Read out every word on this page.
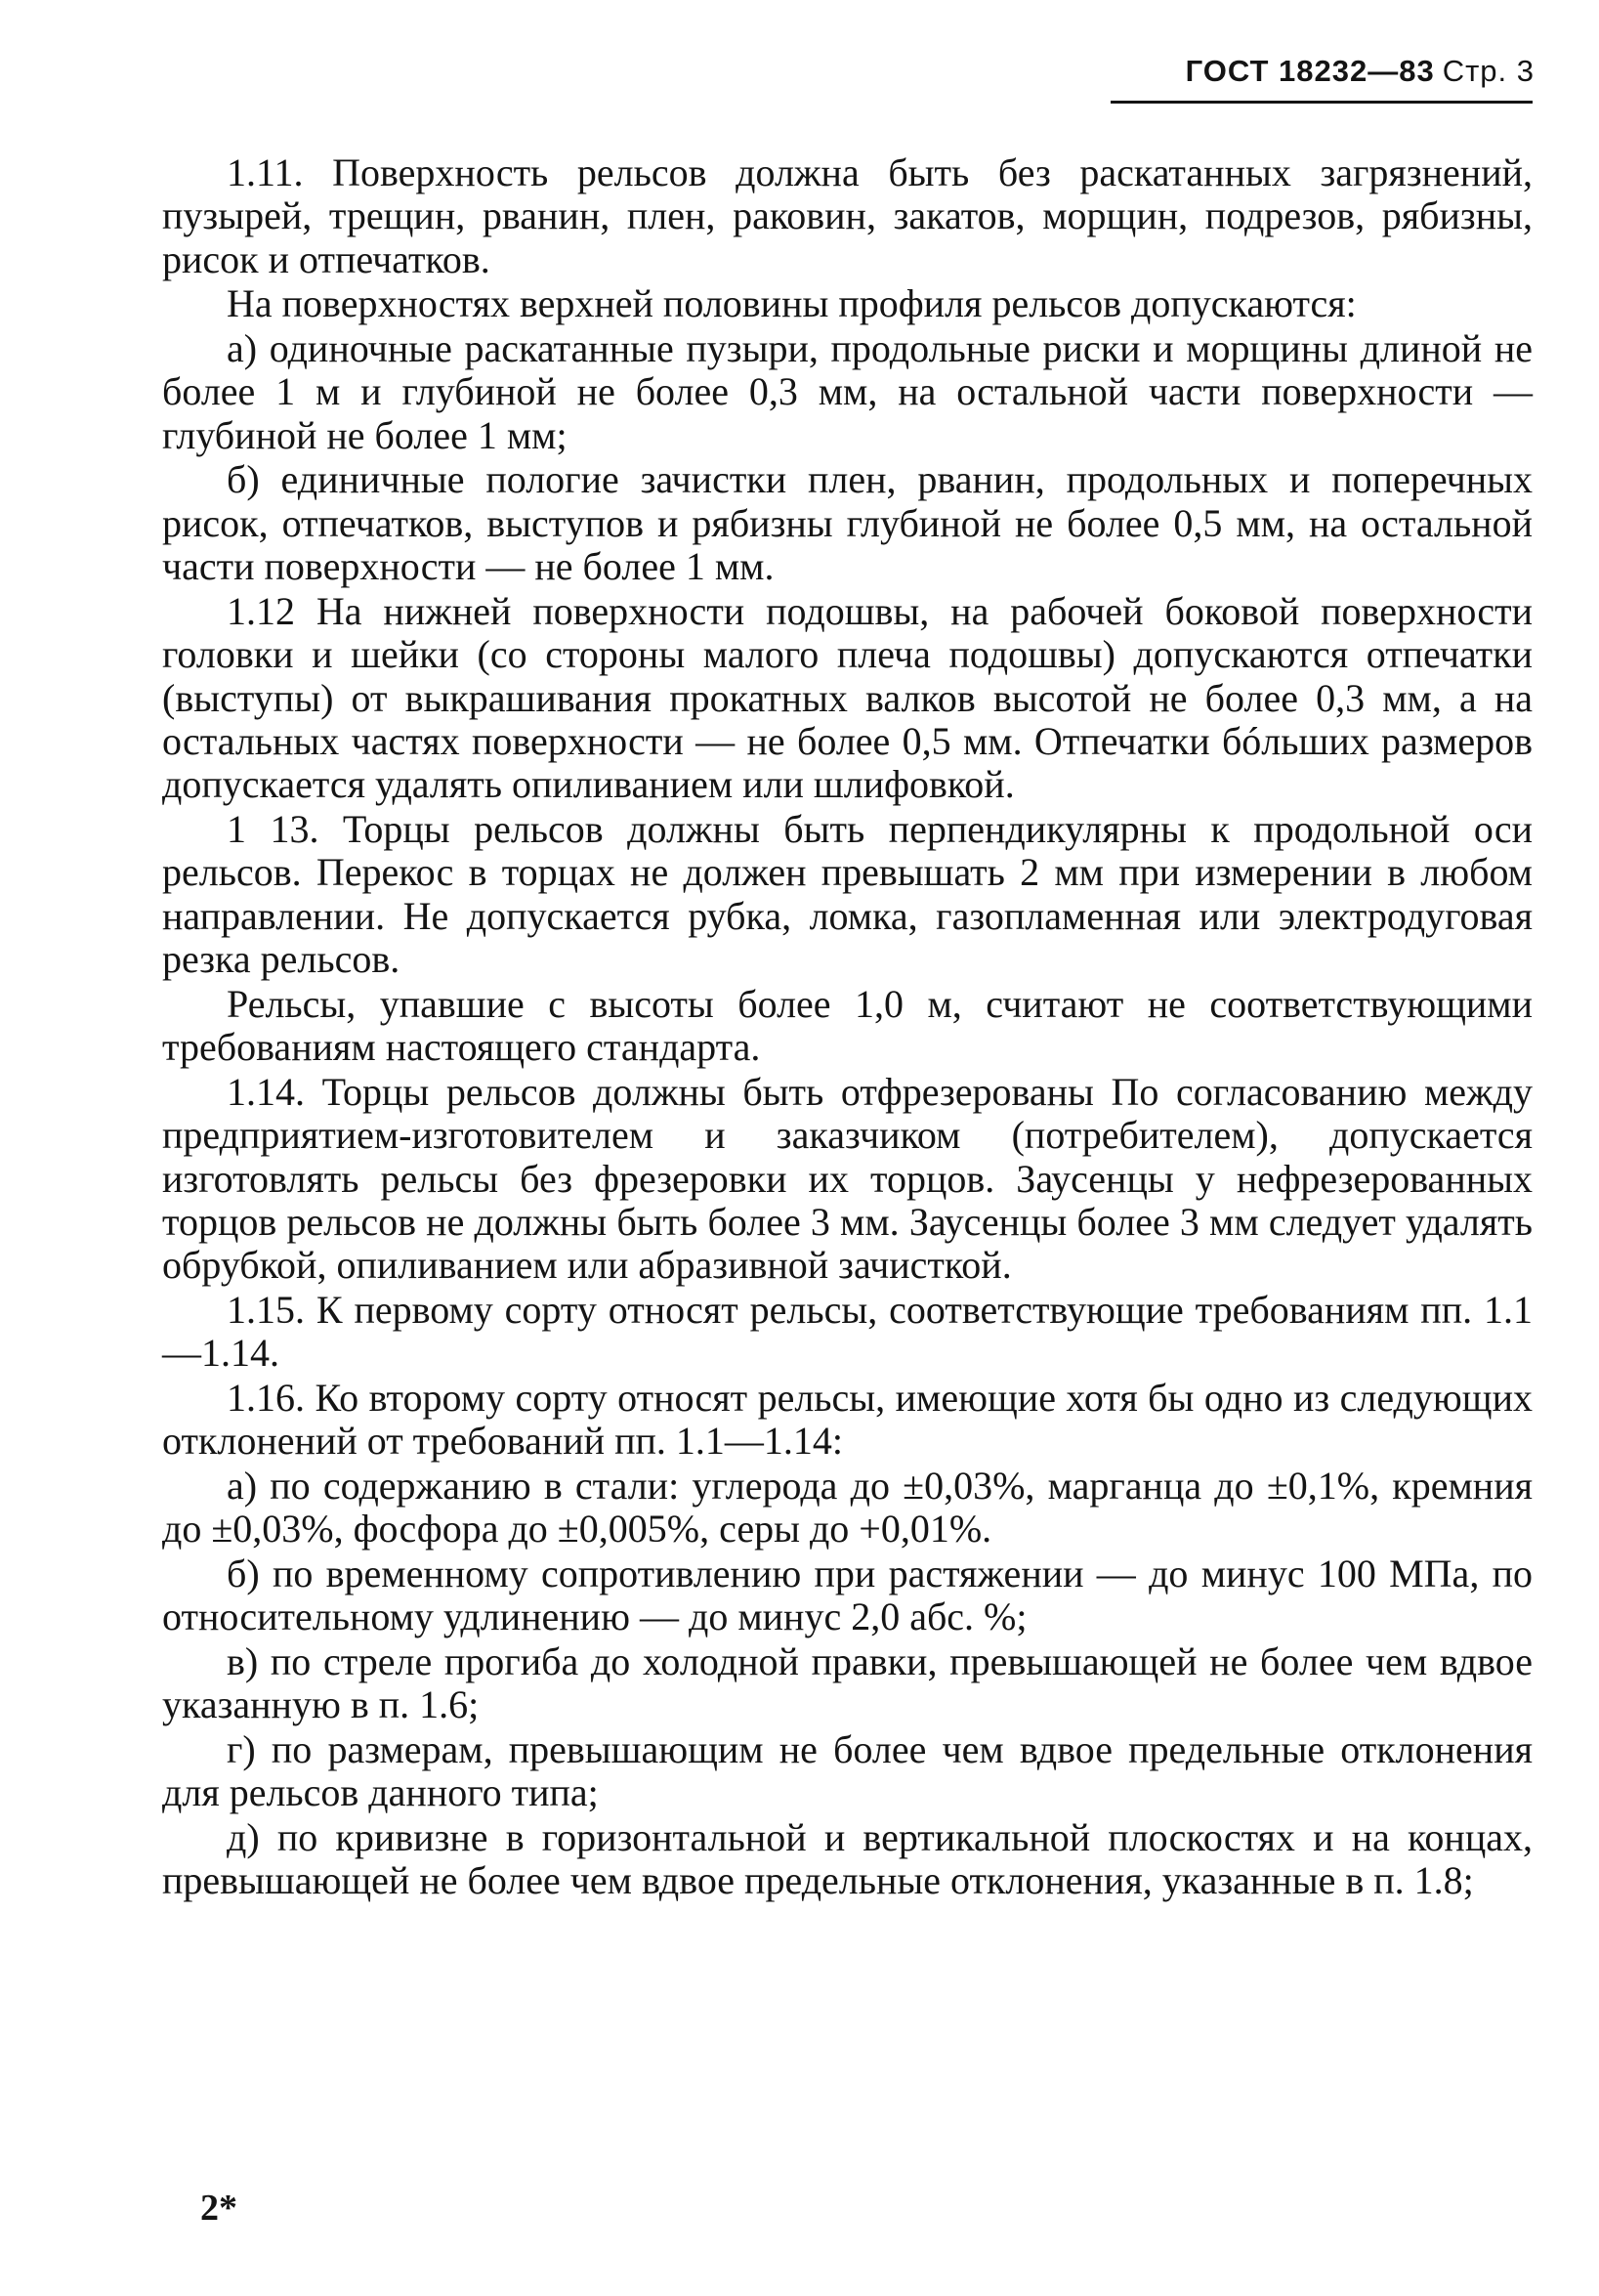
ГОСТ 18232—83 Стр. 3

1.11. Поверхность рельсов должна быть без раскатанных загрязнений, пузырей, трещин, рванин, плен, раковин, закатов, морщин, подрезов, рябизны, рисок и отпечатков.

На поверхностях верхней половины профиля рельсов допускаются:

а) одиночные раскатанные пузыри, продольные риски и морщины длиной не более 1 м и глубиной не более 0,3 мм, на остальной части поверхности — глубиной не более 1 мм;

б) единичные пологие зачистки плен, рванин, продольных и поперечных рисок, отпечатков, выступов и рябизны глубиной не более 0,5 мм, на остальной части поверхности — не более 1 мм.

1.12 На нижней поверхности подошвы, на рабочей боковой поверхности головки и шейки (со стороны малого плеча подошвы) допускаются отпечатки (выступы) от выкрашивания прокатных валков высотой не более 0,3 мм, а на остальных частях поверхности — не более 0,5 мм. Отпечатки бóльших размеров допускается удалять опиливанием или шлифовкой.

1 13. Торцы рельсов должны быть перпендикулярны к продольной оси рельсов. Перекос в торцах не должен превышать 2 мм при измерении в любом направлении. Не допускается рубка, ломка, газопламенная или электродуговая резка рельсов.

Рельсы, упавшие с высоты более 1,0 м, считают не соответствующими требованиям настоящего стандарта.

1.14. Торцы рельсов должны быть отфрезерованы По согласованию между предприятием-изготовителем и заказчиком (потребителем), допускается изготовлять рельсы без фрезеровки их торцов. Заусенцы у нефрезерованных торцов рельсов не должны быть более 3 мм. Заусенцы более 3 мм следует удалять обрубкой, опиливанием или абразивной зачисткой.

1.15. К первому сорту относят рельсы, соответствующие требованиям пп. 1.1—1.14.

1.16. Ко второму сорту относят рельсы, имеющие хотя бы одно из следующих отклонений от требований пп. 1.1—1.14:

а) по содержанию в стали: углерода до ±0,03%, марганца до ±0,1%, кремния до ±0,03%, фосфора до ±0,005%, серы до +0,01%.

б) по временному сопротивлению при растяжении — до минус 100 МПа, по относительному удлинению — до минус 2,0 абс. %;

в) по стреле прогиба до холодной правки, превышающей не более чем вдвое указанную в п. 1.6;

г) по размерам, превышающим не более чем вдвое предельные отклонения для рельсов данного типа;

д) по кривизне в горизонтальной и вертикальной плоскостях и на концах, превышающей не более чем вдвое предельные отклонения, указанные в п. 1.8;

2*
